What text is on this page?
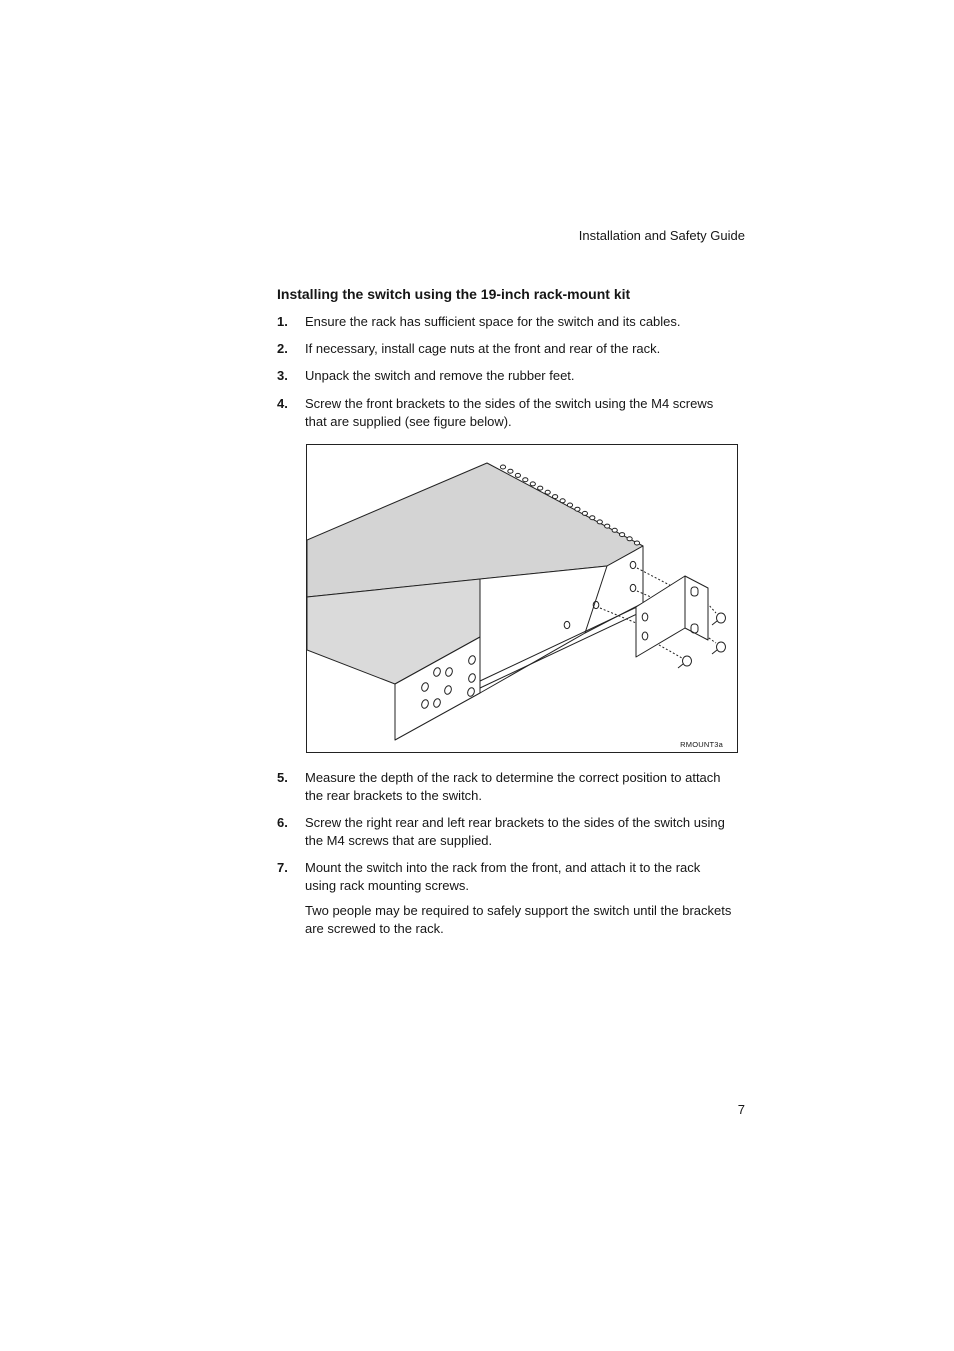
Installation and Safety Guide
Installing the switch using the 19-inch rack-mount kit
1. Ensure the rack has sufficient space for the switch and its cables.
2. If necessary, install cage nuts at the front and rear of the rack.
3. Unpack the switch and remove the rubber feet.
4. Screw the front brackets to the sides of the switch using the M4 screws
that are supplied (see figure below).
RMOUNT3a
5. Measure the depth of the rack to determine the correct position to attach
the rear brackets to the switch.
6. Screw the right rear and left rear brackets to the sides of the switch using
the M4 screws that are supplied.
7. Mount the switch into the rack from the front, and attach it to the rack
using rack mounting screws.
Two people may be required to safely support the switch until the brackets
are screwed to the rack.
7
